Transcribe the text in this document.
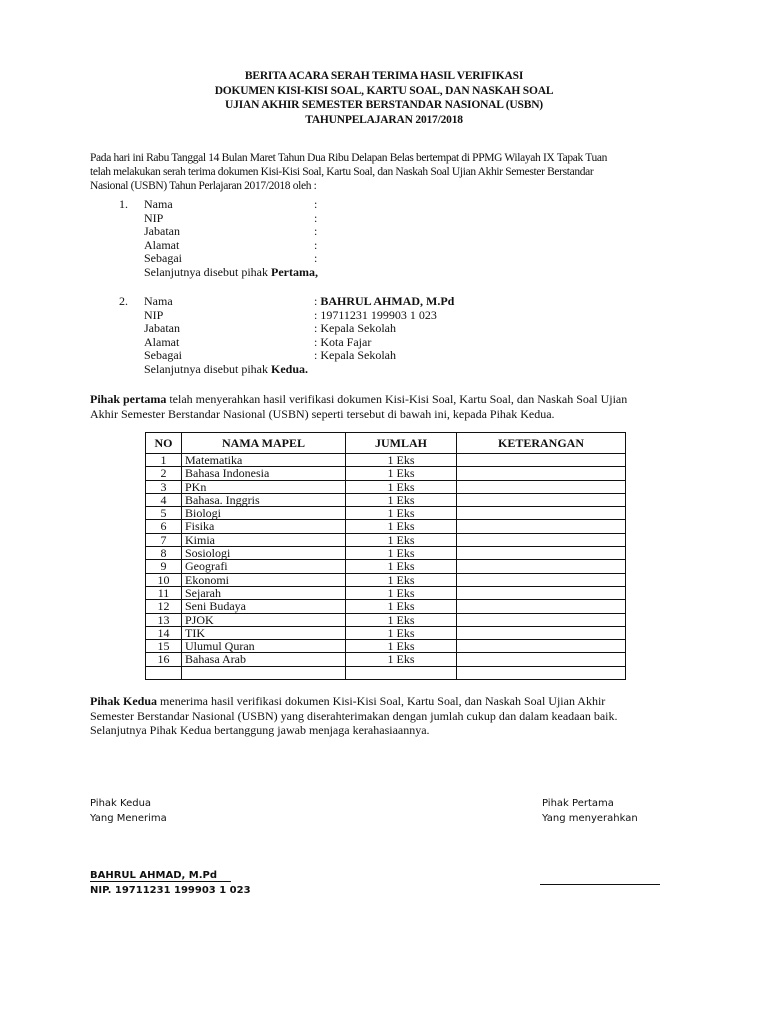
BERITA ACARA SERAH TERIMA HASIL VERIFIKASI
DOKUMEN KISI-KISI SOAL, KARTU SOAL, DAN NASKAH SOAL
UJIAN AKHIR SEMESTER BERSTANDAR NASIONAL (USBN)
TAHUNPELAJARAN 2017/2018
Pada hari ini Rabu Tanggal 14 Bulan Maret Tahun Dua Ribu Delapan Belas bertempat di PPMG Wilayah IX Tapak Tuan
telah melakukan serah terima dokumen Kisi-Kisi Soal, Kartu Soal, dan Naskah Soal Ujian Akhir Semester Berstandar
Nasional (USBN) Tahun Perlajaran 2017/2018 oleh :
1.	Nama	:
NIP	:
Jabatan	:
Alamat	:
Sebagai	:
Selanjutnya disebut pihak Pertama,
2.	Nama	: BAHRUL AHMAD, M.Pd
NIP	: 19711231 199903 1 023
Jabatan	: Kepala Sekolah
Alamat	: Kota Fajar
Sebagai	: Kepala Sekolah
Selanjutnya disebut pihak Kedua.
Pihak pertama telah menyerahkan hasil verifikasi dokumen Kisi-Kisi Soal, Kartu Soal, dan Naskah Soal Ujian
Akhir Semester Berstandar Nasional (USBN) seperti tersebut di bawah ini, kepada Pihak Kedua.
NO	NAMA MAPEL	JUMLAH	KETERANGAN
1	Matematika	1 Eks	
2	Bahasa Indonesia	1 Eks	
3	PKn	1 Eks	
4	Bahasa. Inggris	1 Eks	
5	Biologi	1 Eks	
6	Fisika	1 Eks	
7	Kimia	1 Eks	
8	Sosiologi	1 Eks	
9	Geografi	1 Eks	
10	Ekonomi	1 Eks	
11	Sejarah	1 Eks	
12	Seni Budaya	1 Eks	
13	PJOK	1 Eks	
14	TIK	1 Eks	
15	Ulumul Quran	1 Eks	
16	Bahasa Arab	1 Eks	

Pihak Kedua menerima hasil verifikasi dokumen Kisi-Kisi Soal, Kartu Soal, dan Naskah Soal Ujian Akhir
Semester Berstandar Nasional (USBN) yang diserahterimakan dengan jumlah cukup dan dalam keadaan baik.
Selanjutnya Pihak Kedua bertanggung jawab menjaga kerahasiaannya.
Pihak Kedua
Yang Menerima
Pihak Pertama
Yang menyerahkan
BAHRUL AHMAD, M.Pd
NIP. 19711231 199903 1 023
